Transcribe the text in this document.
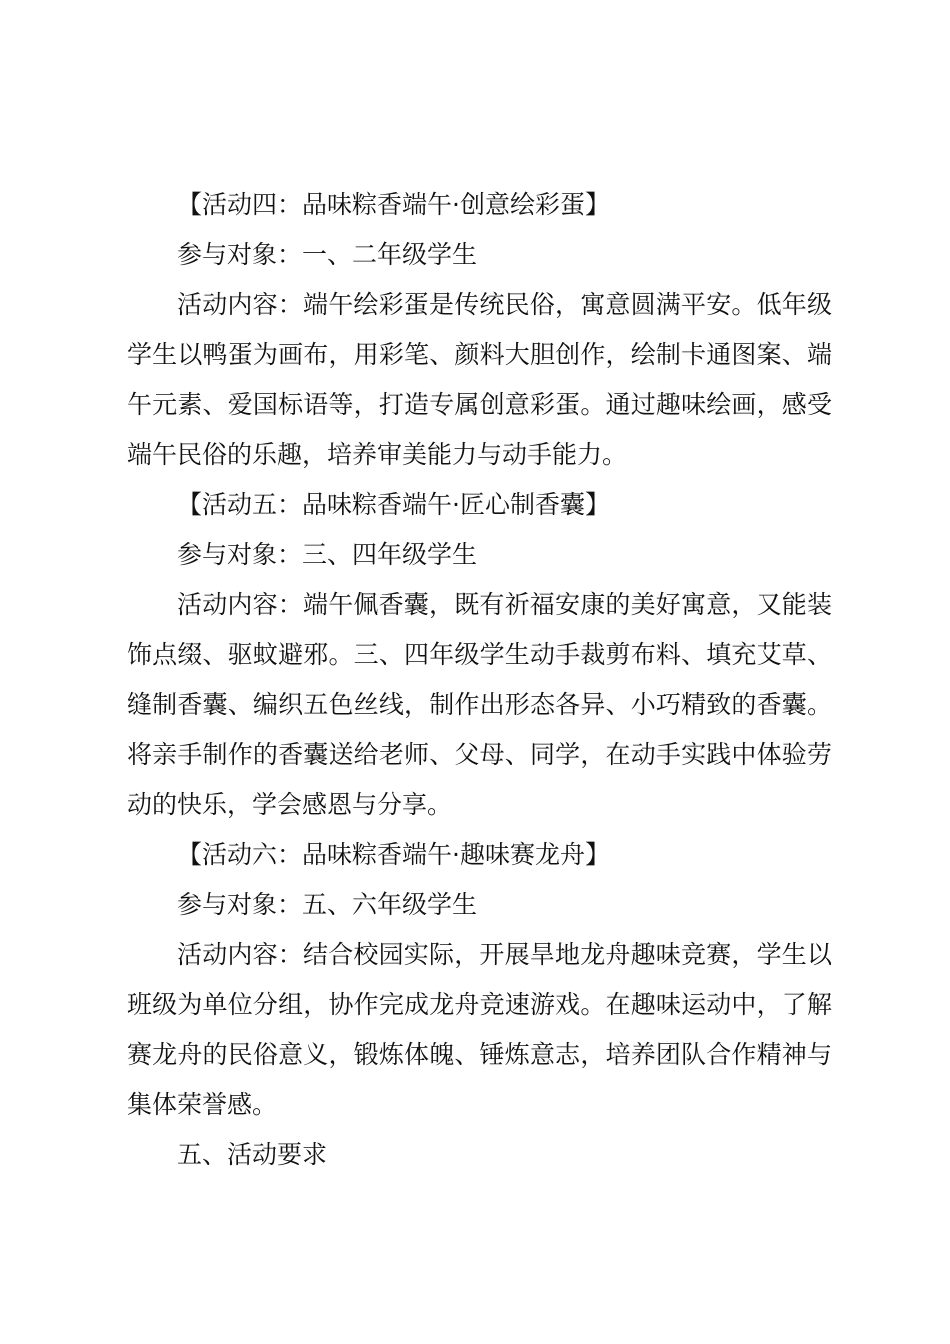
【活动四：品味粽香端午·创意绘彩蛋】

参与对象：一、二年级学生

活动内容：端午绘彩蛋是传统民俗，寓意圆满平安。低年级学生以鸭蛋为画布，用彩笔、颜料大胆创作，绘制卡通图案、端午元素、爱国标语等，打造专属创意彩蛋。通过趣味绘画，感受端午民俗的乐趣，培养审美能力与动手能力。

【活动五：品味粽香端午·匠心制香囊】

参与对象：三、四年级学生

活动内容：端午佩香囊，既有祈福安康的美好寓意，又能装饰点缀、驱蚊避邪。三、四年级学生动手裁剪布料、填充艾草、缝制香囊、编织五色丝线，制作出形态各异、小巧精致的香囊。将亲手制作的香囊送给老师、父母、同学，在动手实践中体验劳动的快乐，学会感恩与分享。

【活动六：品味粽香端午·趣味赛龙舟】

参与对象：五、六年级学生

活动内容：结合校园实际，开展旱地龙舟趣味竞赛，学生以班级为单位分组，协作完成龙舟竞速游戏。在趣味运动中，了解赛龙舟的民俗意义，锻炼体魄、锤炼意志，培养团队合作精神与集体荣誉感。

五、活动要求
